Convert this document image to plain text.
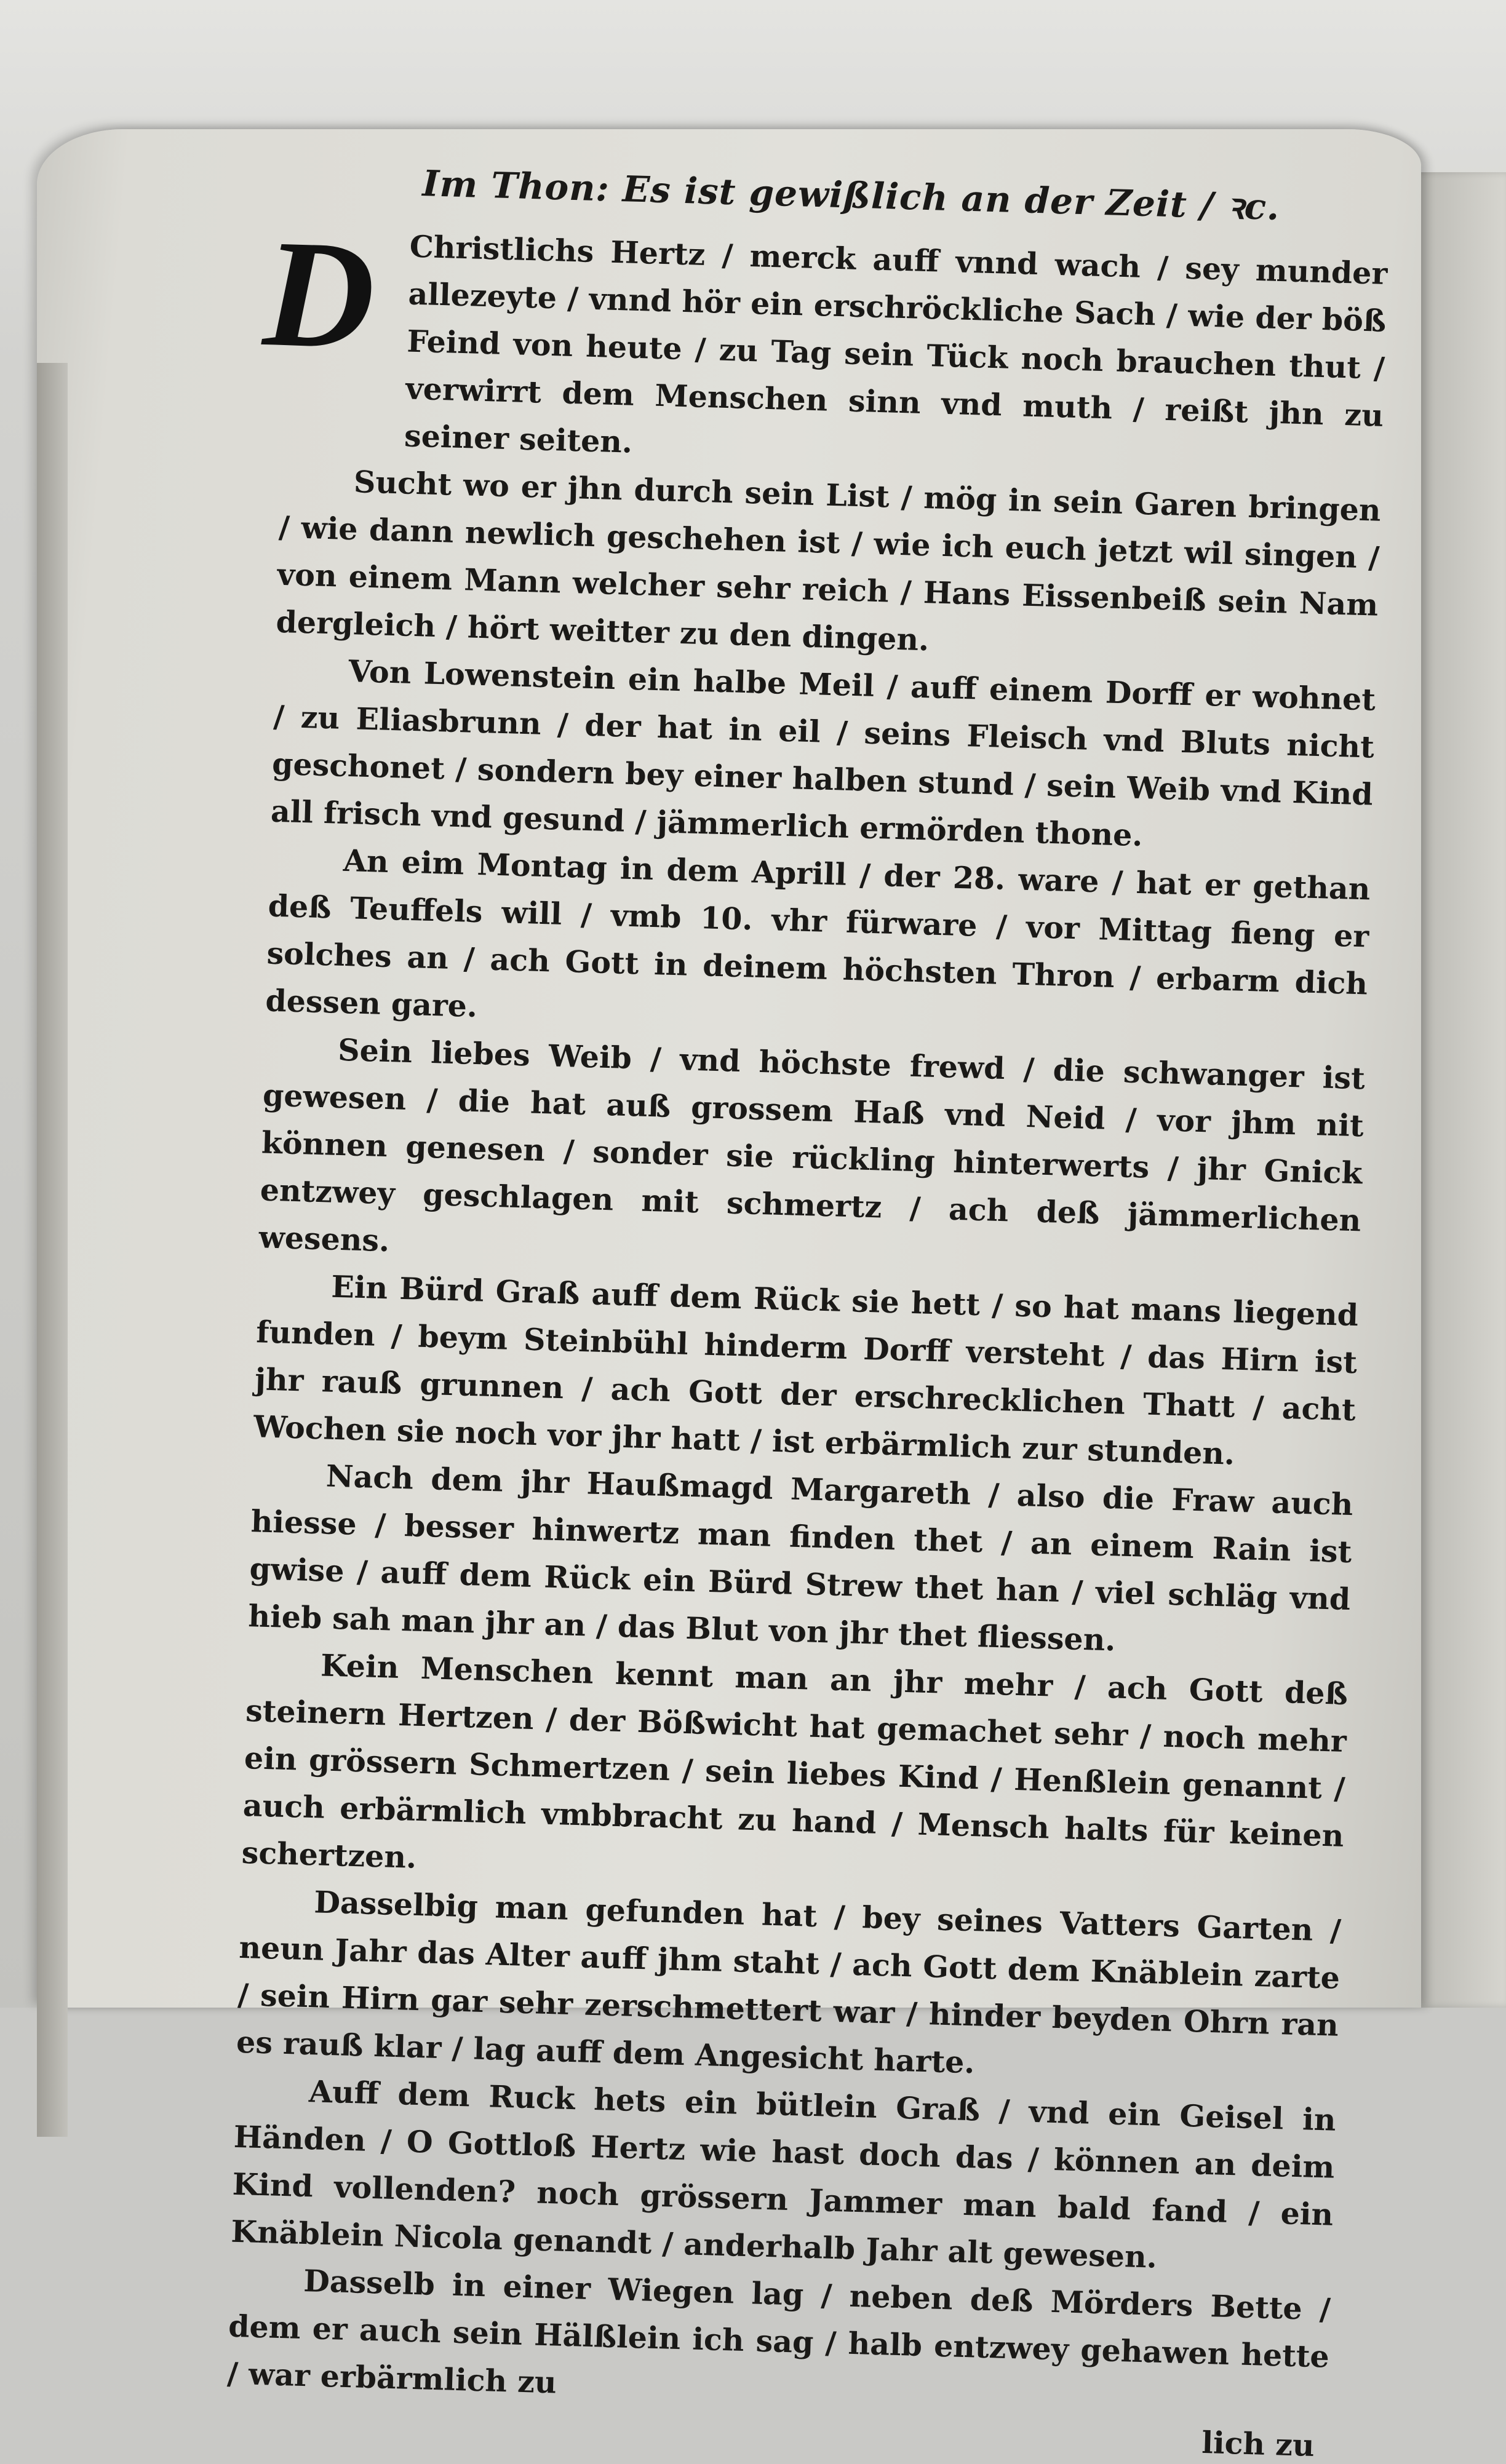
Im Thon: Es ist gewißlich an der Zeit / ꝛc.

D Christlichs Hertz / merck auff vnnd wach / sey munder allezeyte / vnnd hör ein erschröckliche Sach / wie der böß Feind von heute / zu Tag sein Tück noch brauchen thut / verwirrt dem Menschen sinn vnd muth / reißt jhn zu seiner seiten.

Sucht wo er jhn durch sein List / mög in sein Garen bringen / wie dann newlich geschehen ist / wie ich euch jetzt wil singen / von einem Mann welcher sehr reich / Hans Eissenbeiß sein Nam dergleich / hört weitter zu den dingen.

Von Lowenstein ein halbe Meil / auff einem Dorff er wohnet / zu Eliasbrunn / der hat in eil / seins Fleisch vnd Bluts nicht geschonet / sondern bey einer halben stund / sein Weib vnd Kind all frisch vnd gesund / jämmerlich ermörden thone.

An eim Montag in dem Aprill / der 28. ware / hat er gethan deß Teuffels will / vmb 10. vhr fürware / vor Mittag fieng er solches an / ach Gott in deinem höchsten Thron / erbarm dich dessen gare.

Sein liebes Weib / vnd höchste frewd / die schwanger ist gewesen / die hat auß grossem Haß vnd Neid / vor jhm nit können genesen / sonder sie rückling hinterwerts / jhr Gnick entzwey geschlagen mit schmertz / ach deß jämmerlichen wesens.

Ein Bürd Graß auff dem Rück sie hett / so hat mans liegend funden / beym Steinbühl hinderm Dorff versteht / das Hirn ist jhr rauß grunnen / ach Gott der erschrecklichen Thatt / acht Wochen sie noch vor jhr hatt / ist erbärmlich zur stunden.

Nach dem jhr Haußmagd Margareth / also die Fraw auch hiesse / besser hinwertz man finden thet / an einem Rain ist gwise / auff dem Rück ein Bürd Strew thet han / viel schläg vnd hieb sah man jhr an / das Blut von jhr thet fliessen.

Kein Menschen kennt man an jhr mehr / ach Gott deß steinern Hertzen / der Bößwicht hat gemachet sehr / noch mehr ein grössern Schmertzen / sein liebes Kind / Henßlein genannt / auch erbärmlich vmbbracht zu hand / Mensch halts für keinen schertzen.

Dasselbig man gefunden hat / bey seines Vatters Garten / neun Jahr das Alter auff jhm staht / ach Gott dem Knäblein zarte / sein Hirn gar sehr zerschmettert war / hinder beyden Ohrn ran es rauß klar / lag auff dem Angesicht harte.

Auff dem Ruck hets ein bütlein Graß / vnd ein Geisel in Händen / O Gottloß Hertz wie hast doch das / können an deim Kind vollenden? noch grössern Jammer man bald fand / ein Knäblein Nicola genandt / anderhalb Jahr alt gewesen.

Dasselb in einer Wiegen lag / neben deß Mörders Bette / dem er auch sein Hälßlein ich sag / halb entzwey gehawen hette / war erbärmlich zu

lich zu
